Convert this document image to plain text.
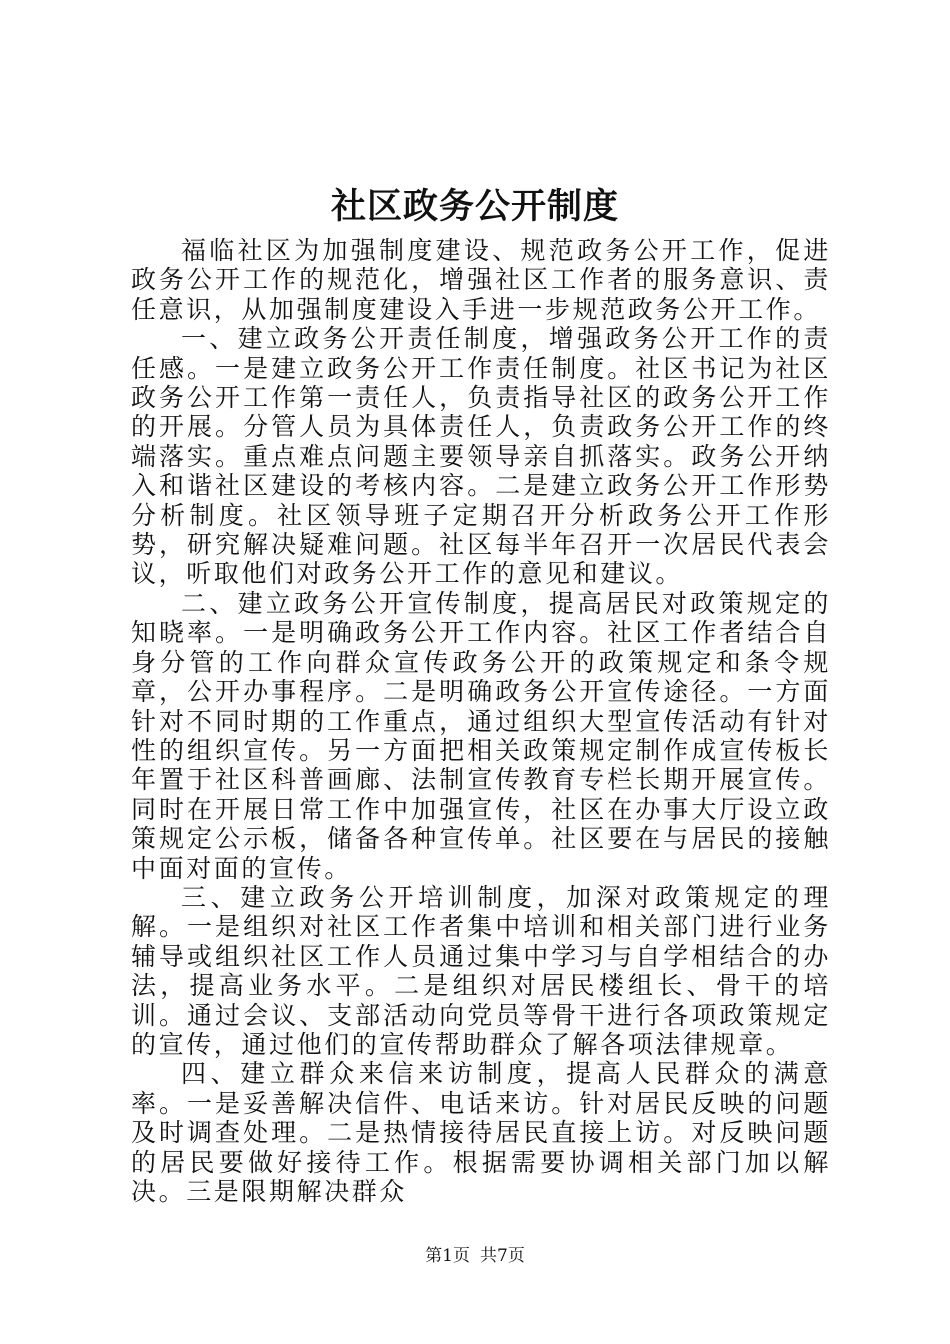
社区政务公开制度

福临社区为加强制度建设、规范政务公开工作，促进政务公开工作的规范化，增强社区工作者的服务意识、责任意识，从加强制度建设入手进一步规范政务公开工作。

一、建立政务公开责任制度，增强政务公开工作的责任感。一是建立政务公开工作责任制度。社区书记为社区政务公开工作第一责任人，负责指导社区的政务公开工作的开展。分管人员为具体责任人，负责政务公开工作的终端落实。重点难点问题主要领导亲自抓落实。政务公开纳入和谐社区建设的考核内容。二是建立政务公开工作形势分析制度。社区领导班子定期召开分析政务公开工作形势，研究解决疑难问题。社区每半年召开一次居民代表会议，听取他们对政务公开工作的意见和建议。

二、建立政务公开宣传制度，提高居民对政策规定的知晓率。一是明确政务公开工作内容。社区工作者结合自身分管的工作向群众宣传政务公开的政策规定和条令规章，公开办事程序。二是明确政务公开宣传途径。一方面针对不同时期的工作重点，通过组织大型宣传活动有针对性的组织宣传。另一方面把相关政策规定制作成宣传板长年置于社区科普画廊、法制宣传教育专栏长期开展宣传。同时在开展日常工作中加强宣传，社区在办事大厅设立政策规定公示板，储备各种宣传单。社区要在与居民的接触中面对面的宣传。

三、建立政务公开培训制度，加深对政策规定的理解。一是组织对社区工作者集中培训和相关部门进行业务辅导或组织社区工作人员通过集中学习与自学相结合的办法，提高业务水平。二是组织对居民楼组长、骨干的培训。通过会议、支部活动向党员等骨干进行各项政策规定的宣传，通过他们的宣传帮助群众了解各项法律规章。

四、建立群众来信来访制度，提高人民群众的满意率。一是妥善解决信件、电话来访。针对居民反映的问题及时调查处理。二是热情接待居民直接上访。对反映问题的居民要做好接待工作。根据需要协调相关部门加以解决。三是限期解决群众

第1页 共7页
